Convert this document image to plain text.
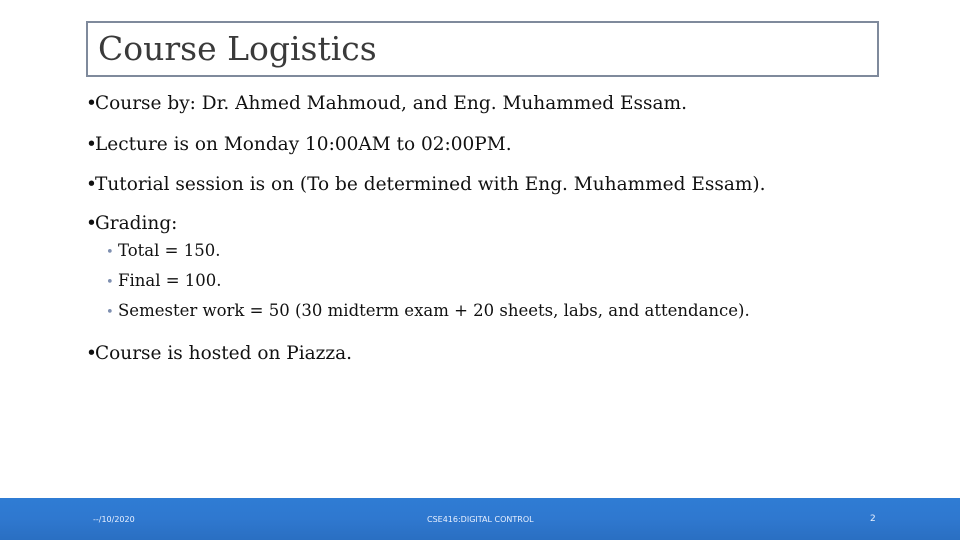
Course Logistics
•Course by: Dr. Ahmed Mahmoud, and Eng. Muhammed Essam.
•Lecture is on Monday 10:00AM to 02:00PM.
•Tutorial session is on (To be determined with Eng. Muhammed Essam).
•Grading:
• Total = 150.
• Final = 100.
• Semester work = 50 (30 midterm exam + 20 sheets, labs, and attendance).
•Course is hosted on Piazza.
--/10/2020	CSE416:DIGITAL CONTROL	2
